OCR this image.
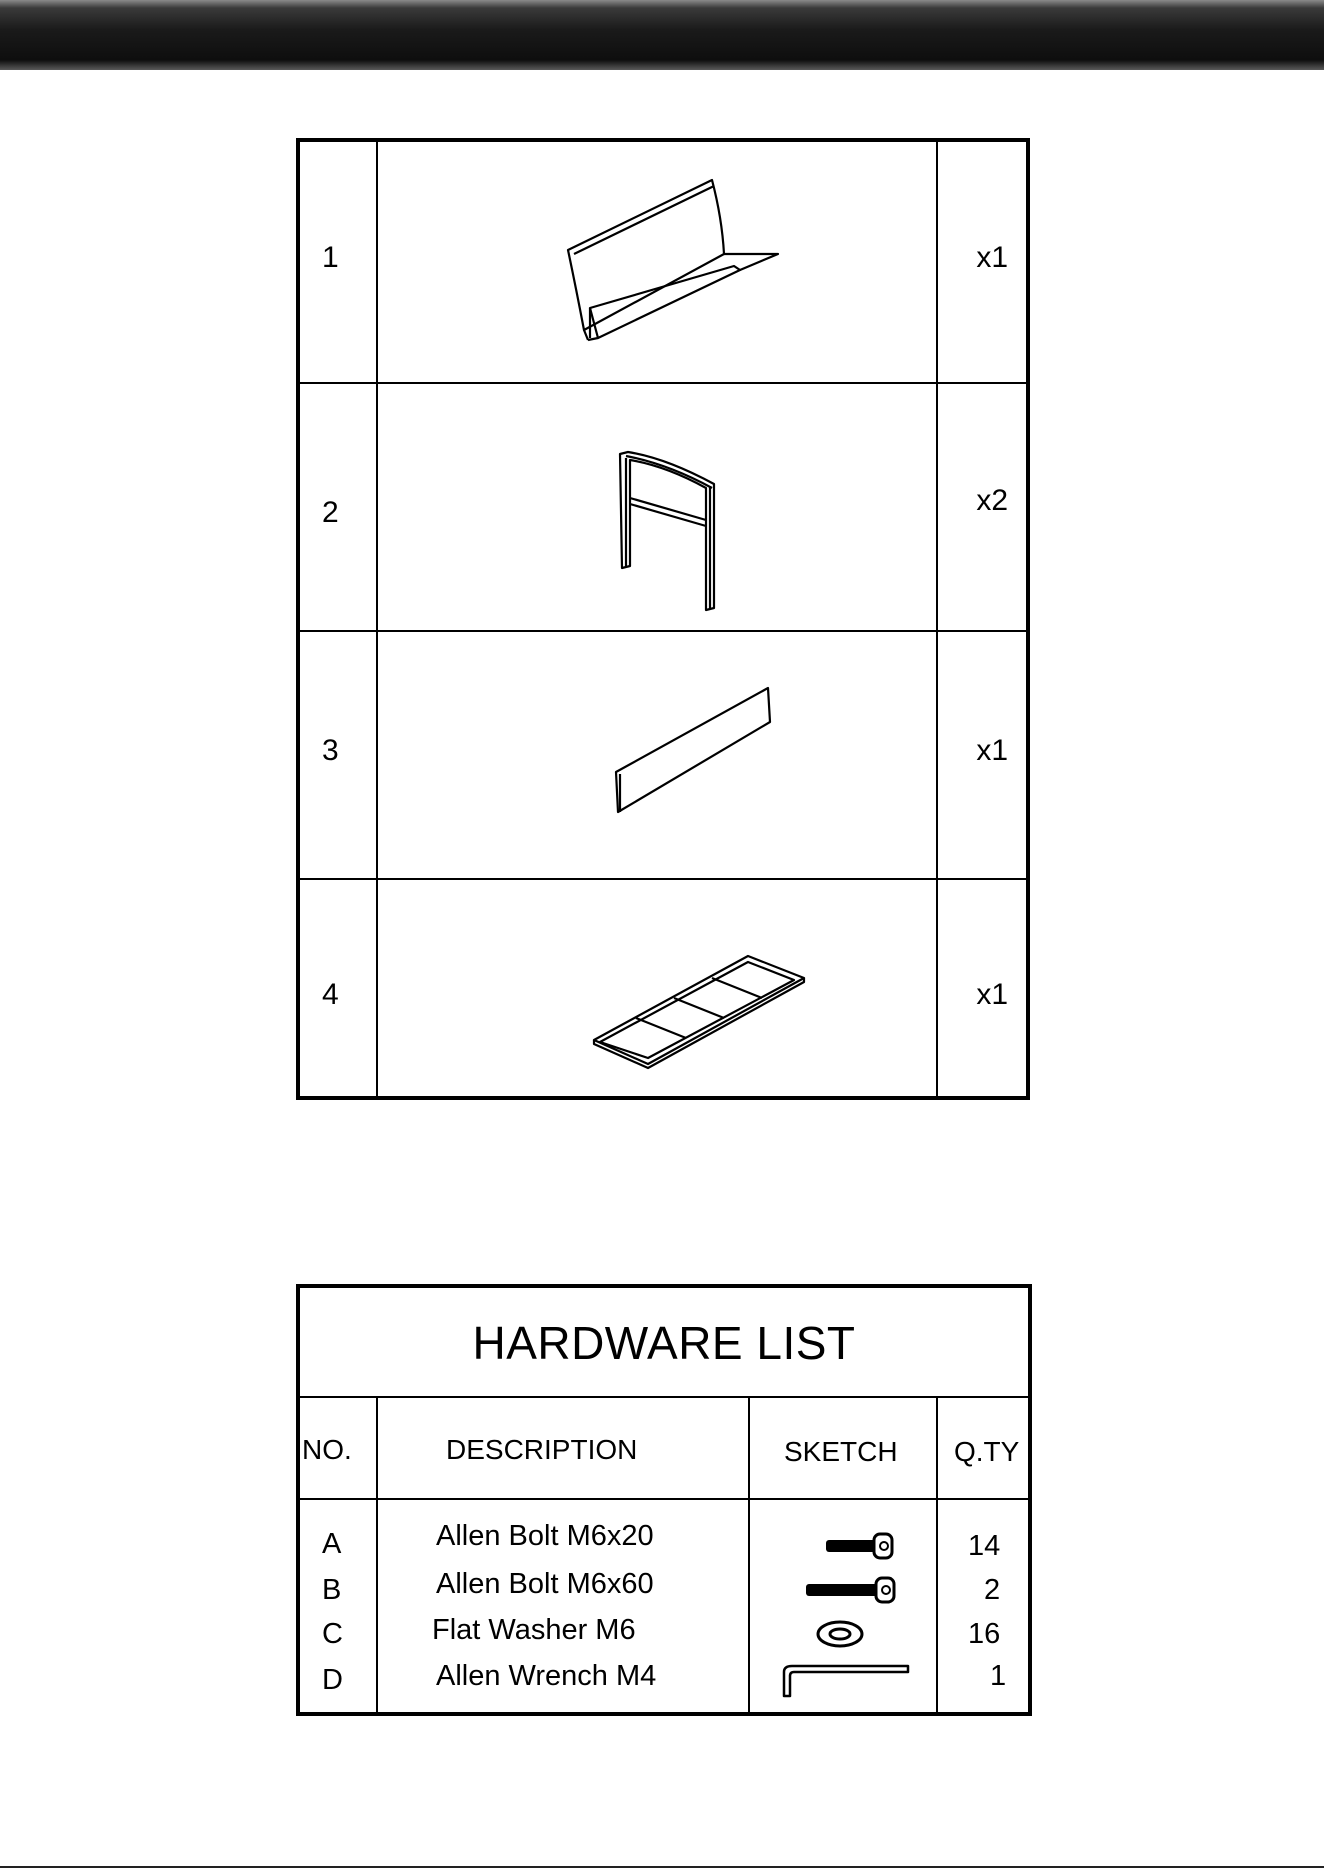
1	x1
2	x2
3	x1
4	x1
HARDWARE LIST
NO.	DESCRIPTION	SKETCH Q.TY
A	Allen Bolt M6x20	14
B	Allen Bolt M6x60	2
C	Flat Washer M6	16
D	Allen Wrench M4	1
